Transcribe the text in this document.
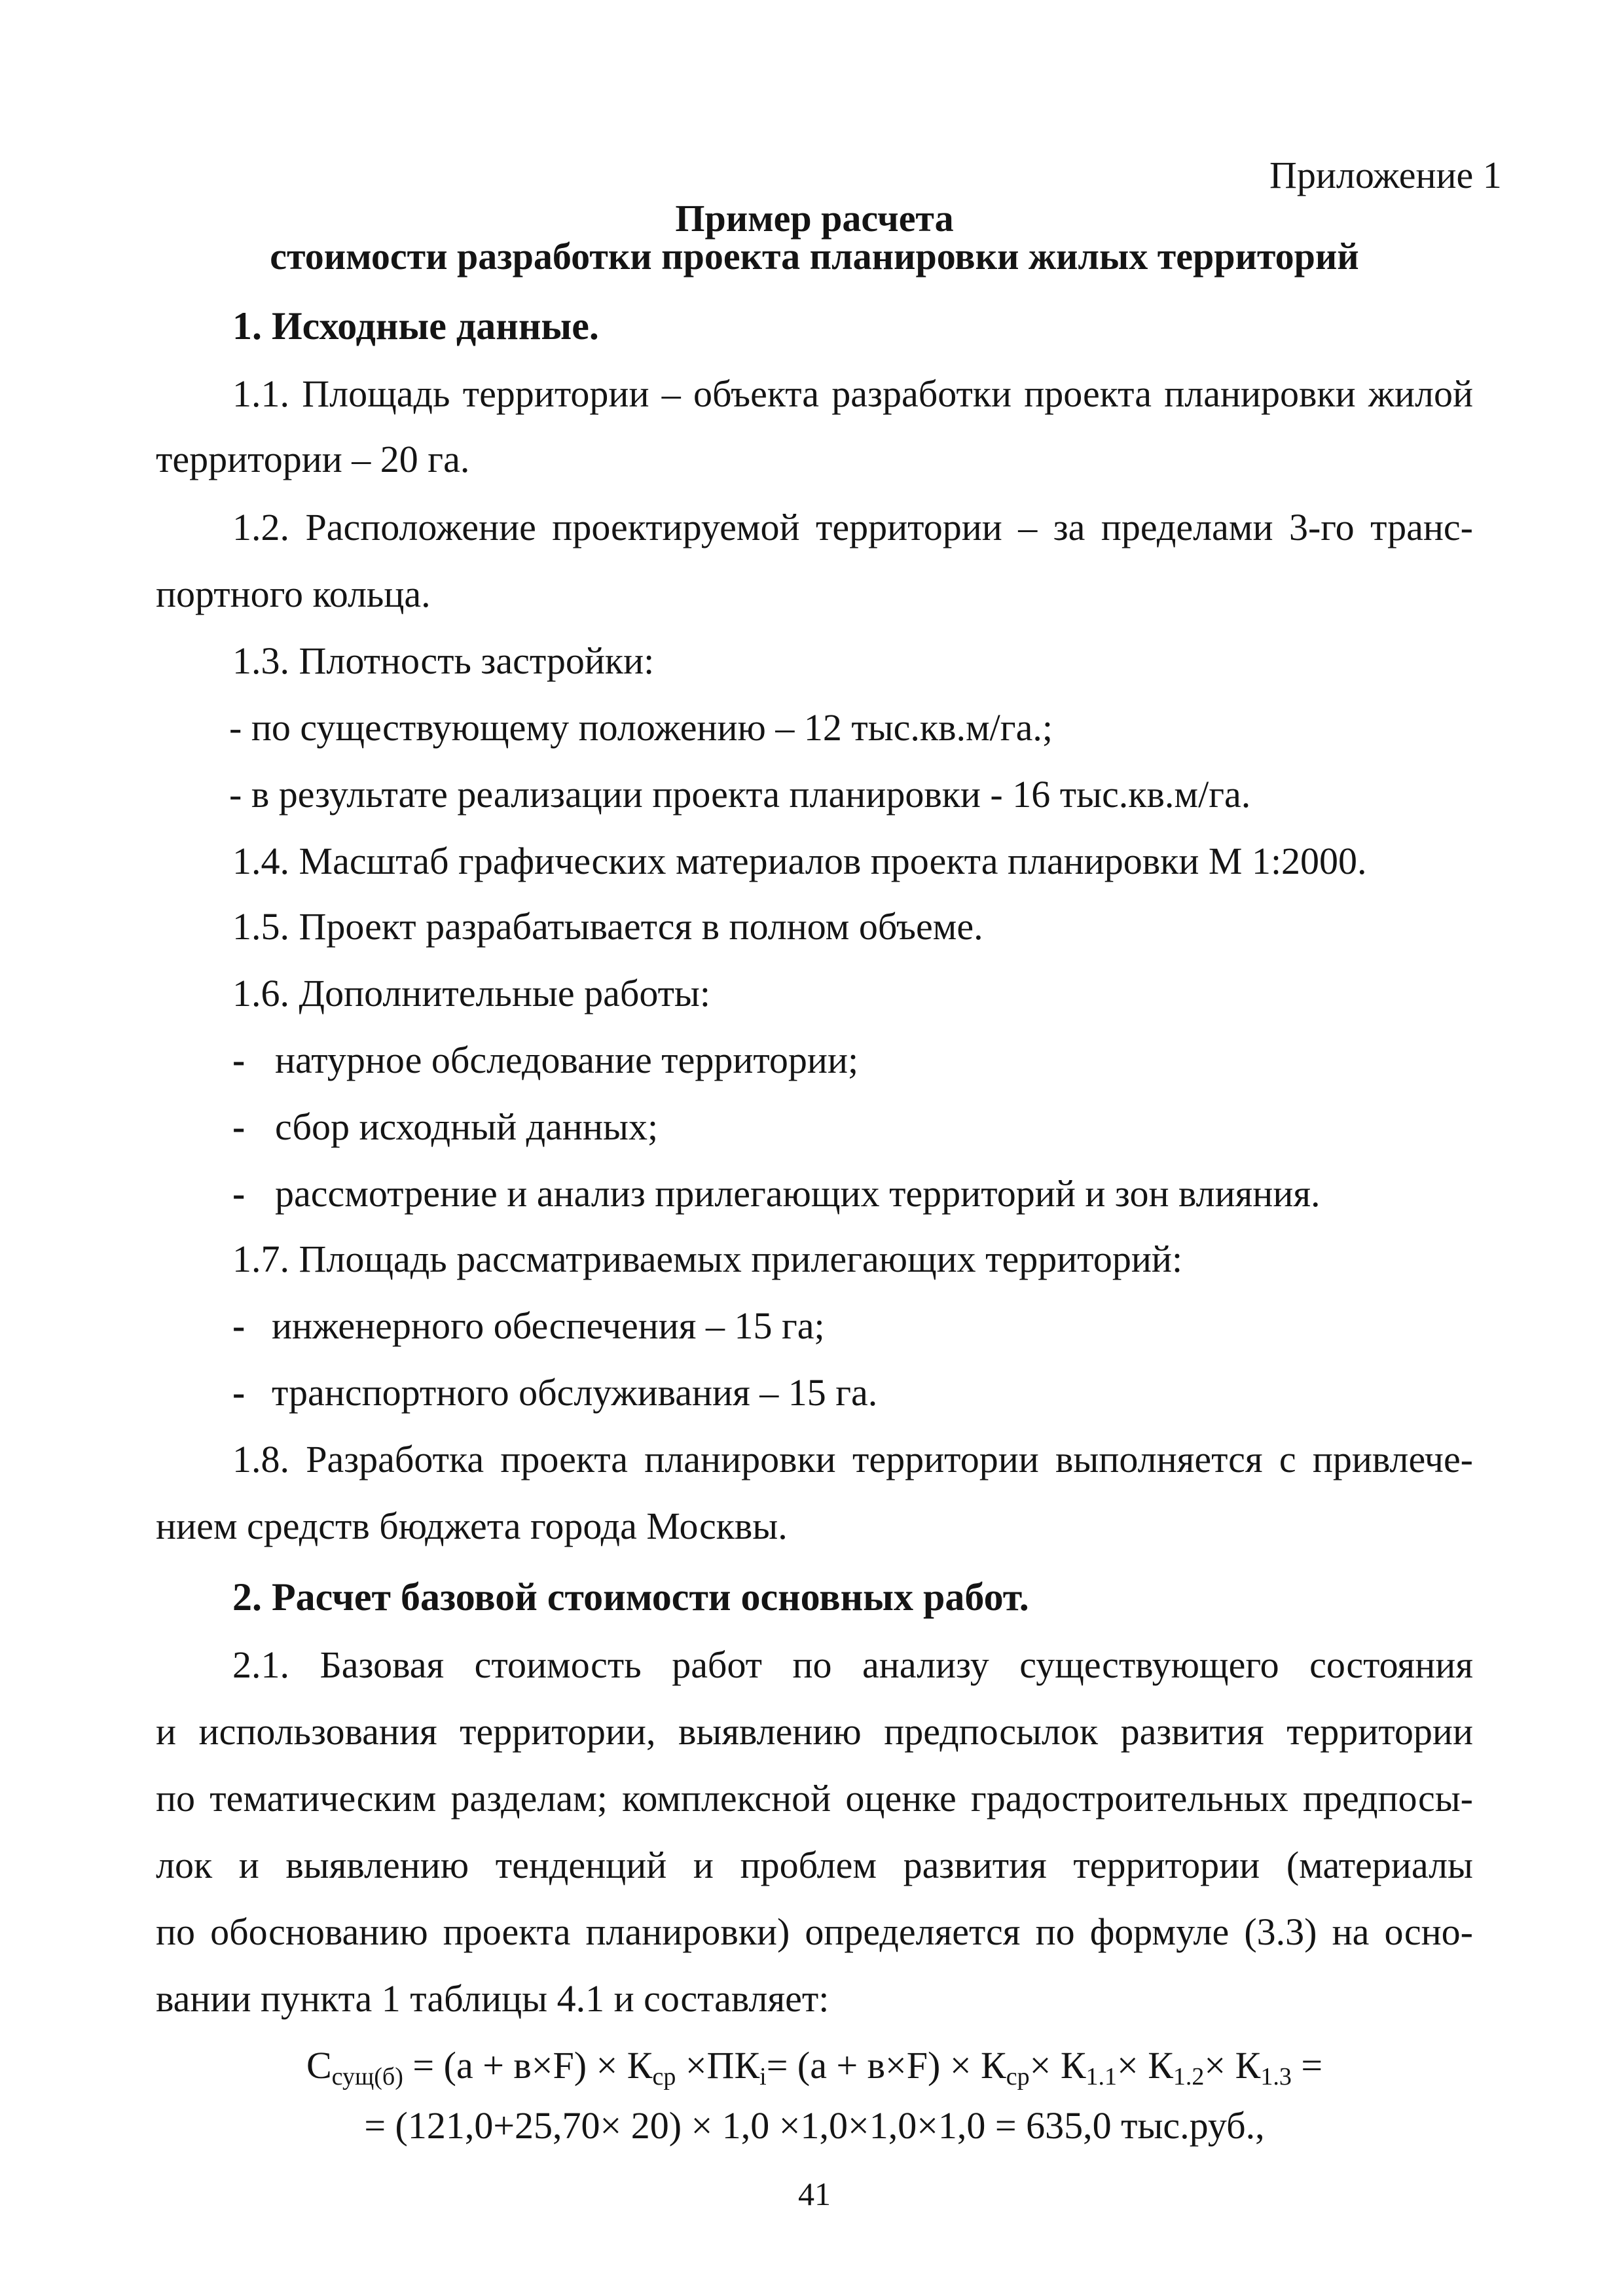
Приложение 1
Пример расчета
стоимости разработки проекта планировки жилых территорий
1. Исходные данные.
1.1. Площадь территории – объекта разработки проекта планировки жилой
территории – 20 га.
1.2. Расположение проектируемой территории – за пределами 3-го транс-
портного кольца.
1.3. Плотность застройки:
- по существующему положению – 12 тыс.кв.м/га.;
- в результате реализации проекта планировки - 16 тыс.кв.м/га.
1.4. Масштаб графических материалов проекта планировки М 1:2000.
1.5. Проект разрабатывается в полном объеме.
1.6. Дополнительные работы:
- натурное обследование территории;
- сбор исходный данных;
- рассмотрение и анализ прилегающих территорий и зон влияния.
1.7. Площадь рассматриваемых прилегающих территорий:
- инженерного обеспечения – 15 га;
- транспортного обслуживания – 15 га.
1.8. Разработка проекта планировки территории выполняется с привлече-
нием средств бюджета города Москвы.
2. Расчет базовой стоимости основных работ.
2.1. Базовая стоимость работ по анализу существующего состояния
и использования территории, выявлению предпосылок развития территории
по тематическим разделам; комплексной оценке градостроительных предпосы-
лок и выявлению тенденций и проблем развития территории (материалы
по обоснованию проекта планировки) определяется по формуле (3.3) на осно-
вании пункта 1 таблицы 4.1 и составляет:
$С_{сущ(б)} = (а + в\times F) \times К_{ср} \times ПК_i= (а + в\times F) \times К_{ср}\times К_{1.1}\times К_{1.2}\times К_{1.3}$ =
= (121,0+25,70× 20) × 1,0 ×1,0×1,0×1,0 = 635,0 тыс.руб.,
41
